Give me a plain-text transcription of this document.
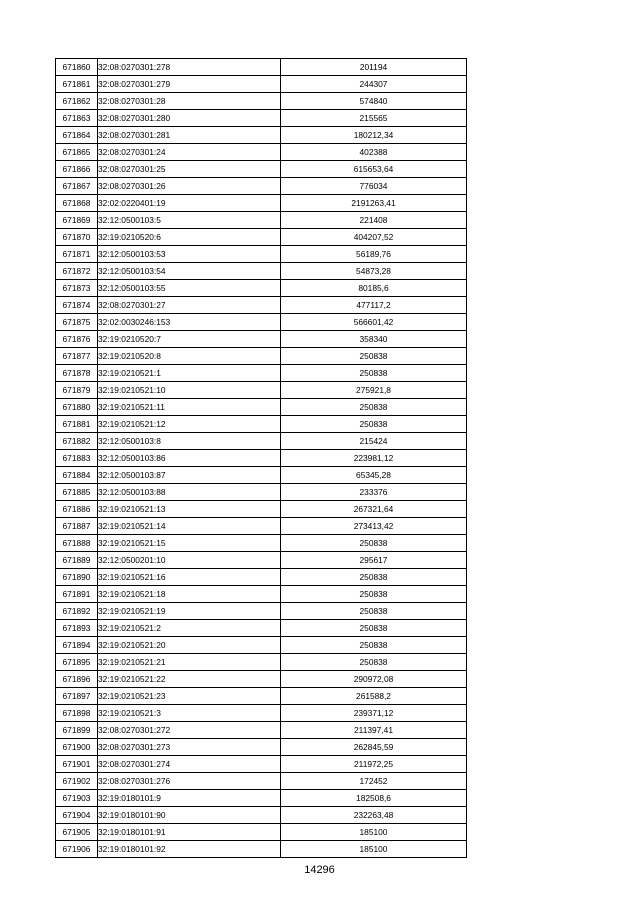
671860	32:08:0270301:278	201194
671861	32:08:0270301:279	244307
671862	32:08:0270301:28	574840
671863	32:08:0270301:280	215565
671864	32:08:0270301:281	180212,34
671865	32:08:0270301:24	402388
671866	32:08:0270301:25	615653,64
671867	32:08:0270301:26	776034
671868	32:02:0220401:19	2191263,41
671869	32:12:0500103:5	221408
671870	32:19:0210520:6	404207,52
671871	32:12:0500103:53	56189,76
671872	32:12:0500103:54	54873,28
671873	32:12:0500103:55	80185,6
671874	32:08:0270301:27	477117,2
671875	32:02:0030246:153	566601,42
671876	32:19:0210520:7	358340
671877	32:19:0210520:8	250838
671878	32:19:0210521:1	250838
671879	32:19:0210521:10	275921,8
671880	32:19:0210521:11	250838
671881	32:19:0210521:12	250838
671882	32:12:0500103:8	215424
671883	32:12:0500103:86	223981,12
671884	32:12:0500103:87	65345,28
671885	32:12:0500103:88	233376
671886	32:19:0210521:13	267321,64
671887	32:19:0210521:14	273413,42
671888	32:19:0210521:15	250838
671889	32:12:0500201:10	295617
671890	32:19:0210521:16	250838
671891	32:19:0210521:18	250838
671892	32:19:0210521:19	250838
671893	32:19:0210521:2	250838
671894	32:19:0210521:20	250838
671895	32:19:0210521:21	250838
671896	32:19:0210521:22	290972,08
671897	32:19:0210521:23	261588,2
671898	32:19:0210521:3	239371,12
671899	32:08:0270301:272	211397,41
671900	32:08:0270301:273	262845,59
671901	32:08:0270301:274	211972,25
671902	32:08:0270301:276	172452
671903	32:19:0180101:9	182508,6
671904	32:19:0180101:90	232263,48
671905	32:19:0180101:91	185100
671906	32:19:0180101:92	185100
14296
